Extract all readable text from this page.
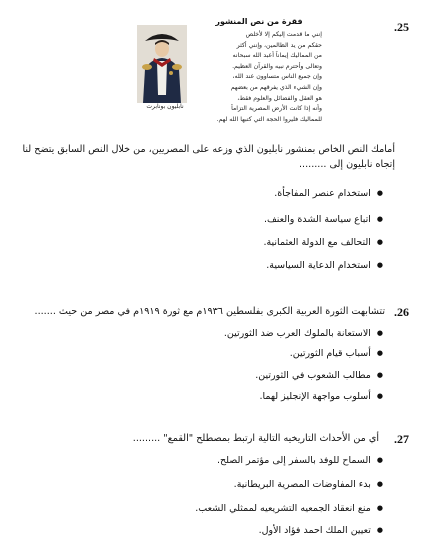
.25
نابليون بونابرت
فقرة من نص المنشور
إنني ما قدمت إليكم إلا لأخلص
حقكم من يد الظالمين، وإنني أكثر
من المماليك إيماناً أعبد الله سبحانه
وتعالى وأحترم نبيه والقرآن العظيم.
وإن جميع الناس متساوون عند الله،
وإن الشيء الذي يفرقهم من بعضهم
هو العقل والفضائل والعلوم فقط،
وأنه إذا كانت الأرض المصرية التزاماً
للمماليك فليروا الحجة التي كتبها الله لهم.
أمامك النص الخاص بمنشور نابليون الذي وزعه على المصريين، من خلال النص السابق يتضح لنا
إتجاه نابليون إلى .........
●استخدام عنصر المفاجأة.
●اتباع سياسة الشدة والعنف.
●التحالف مع الدولة العثمانية.
●استخدام الدعاية السياسية.
.26
تتشابهت الثورة العربية الكبرى بفلسطين ١٩٣٦م مع ثورة ١٩١٩م في مصر من حيث .......
●الاستعانة بالملوك العرب ضد الثورتين.
●أسباب قيام الثورتين.
●مطالب الشعوب في الثورتين.
●أسلوب مواجهة الإنجليز لهما.
.27
أي من الأحداث التاريخيه التالية ارتبط بمصطلح "القمع" .........
●السماح للوفد بالسفر إلى مؤتمر الصلح.
●بدء المفاوضات المصرية البريطانية.
●منع انعقاد الجمعيه التشريعيه لممثلي الشعب.
●تعيين الملك احمد فؤاد الأول.
